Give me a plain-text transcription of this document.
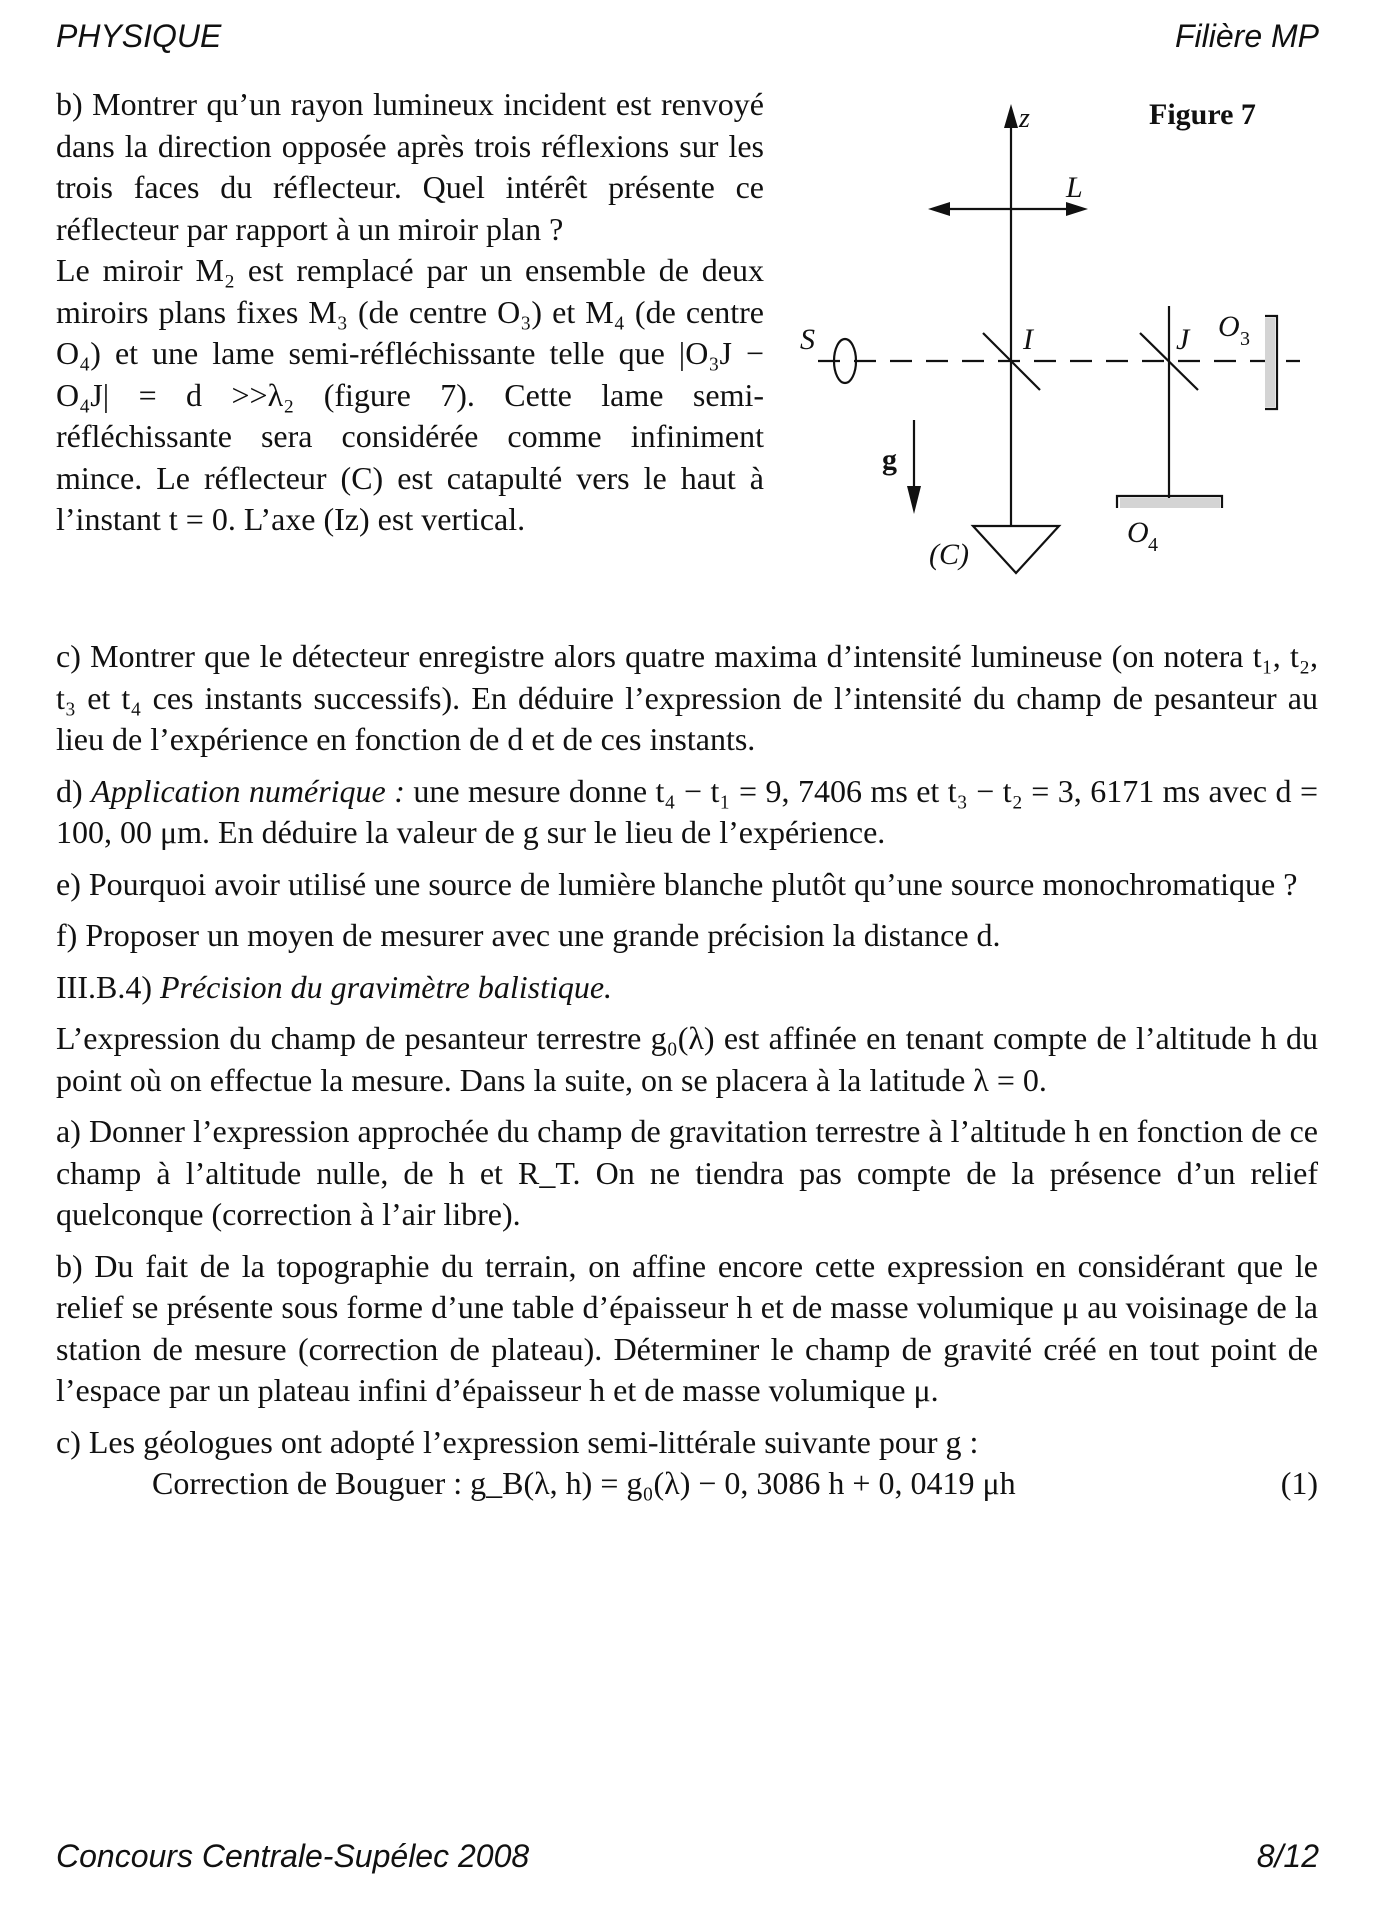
PHYSIQUE	Filière MP

b) Montrer qu’un rayon lumineux incident est renvoyé dans la direction opposée après trois réflexions sur les trois faces du réflecteur. Quel intérêt présente ce réflecteur par rapport à un miroir plan ?

Le miroir M₂ est remplacé par un ensemble de deux miroirs plans fixes M₃ (de centre O₃) et M₄ (de centre O₄) et une lame semi-réfléchissante telle que |O₃J − O₄J| = d >>λ₂ (figure 7). Cette lame semi-réfléchissante sera considérée comme infiniment mince. Le réflecteur (C) est catapulté vers le haut à l’instant t = 0. L’axe (Iz) est vertical.

Figure 7
z
L
S	I	J O 3
g
O 4
(C)

c) Montrer que le détecteur enregistre alors quatre maxima d’intensité lumineuse (on notera t₁, t₂, t₃ et t₄ ces instants successifs). En déduire l’expression de l’intensité du champ de pesanteur au lieu de l’expérience en fonction de d et de ces instants.

d) Application numérique : une mesure donne t₄ − t₁ = 9, 7406 ms et t₃ − t₂ = 3, 6171 ms avec d = 100, 00 μm. En déduire la valeur de g sur le lieu de l’expérience.

e) Pourquoi avoir utilisé une source de lumière blanche plutôt qu’une source monochromatique ?

f) Proposer un moyen de mesurer avec une grande précision la distance d.

III.B.4) Précision du gravimètre balistique.

L’expression du champ de pesanteur terrestre g₀(λ) est affinée en tenant compte de l’altitude h du point où on effectue la mesure. Dans la suite, on se placera à la latitude λ = 0.

a) Donner l’expression approchée du champ de gravitation terrestre à l’altitude h en fonction de ce champ à l’altitude nulle, de h et R_T. On ne tiendra pas compte de la présence d’un relief quelconque (correction à l’air libre).

b) Du fait de la topographie du terrain, on affine encore cette expression en considérant que le relief se présente sous forme d’une table d’épaisseur h et de masse volumique μ au voisinage de la station de mesure (correction de plateau). Déterminer le champ de gravité créé en tout point de l’espace par un plateau infini d’épaisseur h et de masse volumique μ.

c) Les géologues ont adopté l’expression semi-littérale suivante pour g :

Correction de Bouguer : g_B(λ, h) = g₀(λ) − 0, 3086 h + 0, 0419 μh	(1)
Concours Centrale-Supélec 2008	8/12
